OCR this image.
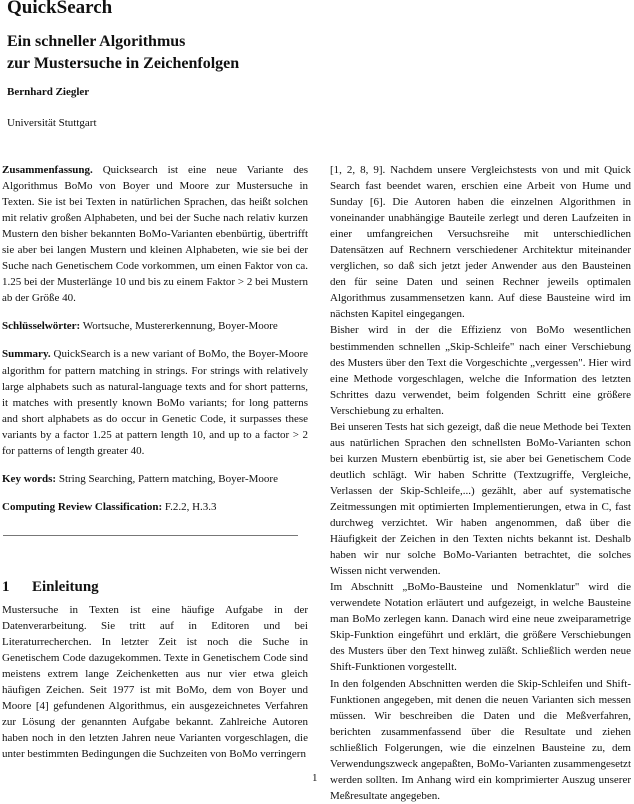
QuickSearch
Ein schneller Algorithmus
zur Mustersuche in Zeichenfolgen
Bernhard Ziegler
Universität Stuttgart

Zusammenfassung. Quicksearch ist eine neue Variante des Algorithmus BoMo von Boyer und Moore zur Mustersuche in Texten. Sie ist bei Texten in natürlichen Sprachen, das heißt solchen mit relativ großen Alphabeten, und bei der Suche nach relativ kurzen Mustern den bisher bekannten BoMo-Varianten ebenbürtig, übertrifft sie aber bei langen Mustern und kleinen Alphabeten, wie sie bei der Suche nach Genetischem Code vorkommen, um einen Faktor von ca. 1.25 bei der Musterlänge 10 und bis zu einem Faktor > 2 bei Mustern ab der Größe 40.

Schlüsselwörter: Wortsuche, Mustererkennung, Boyer-Moore

Summary. QuickSearch is a new variant of BoMo, the Boyer-Moore algorithm for pattern matching in strings. For strings with relatively large alphabets such as natural-language texts and for short patterns, it matches with presently known BoMo variants; for long patterns and short alphabets as do occur in Genetic Code, it surpasses these variants by a factor 1.25 at pattern length 10, and up to a factor > 2 for patterns of length greater 40.

Key words: String Searching, Pattern matching, Boyer-Moore

Computing Review Classification: F.2.2, H.3.3

1 Einleitung

Mustersuche in Texten ist eine häufige Aufgabe in der Datenverarbeitung. Sie tritt auf in Editoren und bei Literaturrecherchen. In letzter Zeit ist noch die Suche in Genetischem Code dazugekommen. Texte in Genetischem Code sind meistens extrem lange Zeichenketten aus nur vier etwa gleich häufigen Zeichen. Seit 1977 ist mit BoMo, dem von Boyer und Moore [4] gefundenen Algorithmus, ein ausgezeichnetes Verfahren zur Lösung der genannten Aufgabe bekannt. Zahlreiche Autoren haben noch in den letzten Jahren neue Varianten vorgeschlagen, die unter bestimmten Bedingungen die Suchzeiten von BoMo verringern

[1, 2, 8, 9]. Nachdem unsere Vergleichstests von und mit Quick Search fast beendet waren, erschien eine Arbeit von Hume und Sunday [6]. Die Autoren haben die einzelnen Algorithmen in voneinander unabhängige Bauteile zerlegt und deren Laufzeiten in einer umfangreichen Versuchsreihe mit unterschiedlichen Datensätzen auf Rechnern verschiedener Architektur miteinander verglichen, so daß sich jetzt jeder Anwender aus den Bausteinen den für seine Daten und seinen Rechner jeweils optimalen Algorithmus zusammensetzen kann. Auf diese Bausteine wird im nächsten Kapitel eingegangen.

Bisher wird in der die Effizienz von BoMo wesentlichen bestimmenden schnellen „Skip-Schleife" nach einer Verschiebung des Musters über den Text die Vorgeschichte „vergessen". Hier wird eine Methode vorgeschlagen, welche die Information des letzten Schrittes dazu verwendet, beim folgenden Schritt eine größere Verschiebung zu erhalten.

Bei unseren Tests hat sich gezeigt, daß die neue Methode bei Texten aus natürlichen Sprachen den schnellsten BoMo-Varianten schon bei kurzen Mustern ebenbürtig ist, sie aber bei Genetischem Code deutlich schlägt. Wir haben Schritte (Textzugriffe, Vergleiche, Verlassen der Skip-Schleife,...) gezählt, aber auf systematische Zeitmessungen mit optimierten Implementierungen, etwa in C, fast durchweg verzichtet. Wir haben angenommen, daß über die Häufigkeit der Zeichen in den Texten nichts bekannt ist. Deshalb haben wir nur solche BoMo-Varianten betrachtet, die solches Wissen nicht verwenden.

Im Abschnitt „BoMo-Bausteine und Nomenklatur" wird die verwendete Notation erläutert und aufgezeigt, in welche Bausteine man BoMo zerlegen kann. Danach wird eine neue zweiparametrige Skip-Funktion eingeführt und erklärt, die größere Verschiebungen des Musters über den Text hinweg zuläßt. Schließlich werden neue Shift-Funktionen vorgestellt.

In den folgenden Abschnitten werden die Skip-Schleifen und Shift-Funktionen angegeben, mit denen die neuen Varianten sich messen müssen. Wir beschreiben die Daten und die Meßverfahren, berichten zusammenfassend über die Resultate und ziehen schließlich Folgerungen, wie die einzelnen Bausteine zu, dem Verwendungszweck angepaßten, BoMo-Varianten zusammengesetzt werden sollten. Im Anhang wird ein komprimierter Auszug unserer Meßresultate angegeben.

1
